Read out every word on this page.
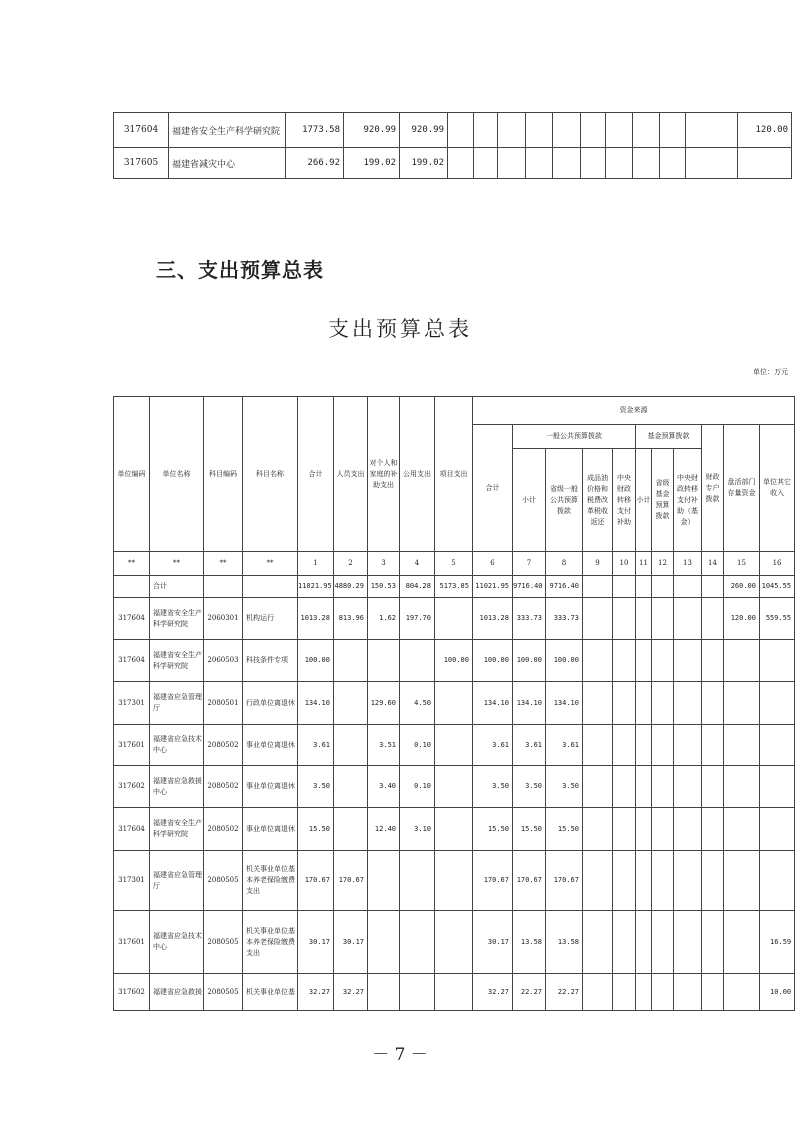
317604	福建省安全生产科学研究院	1773.58	920.99	920.99											120.00	
317605	福建省减灾中心	266.92	199.02	199.02												
三、支出预算总表
支出预算总表
单位：万元
单位编码	单位名称	科目编码	科目名称	合计	人员支出	对个人和家庭的补助支出	公用支出	项目支出	资金来源										
									合计	一般公共预算拨款				基金预算拨款			财政专户拨款	盘活部门存量资金	单位其它收入
										小计	省级一般公共预算拨款	成品油价格和税费改革税收返还	中央财政转移支付补助	小计	省级基金预算拨款	中央财政转移支付补助（基金）			

**	**	**	**	1	2	3	4	5	6	7	8	9	10	11	12	13	14	15	16
	合计			11021.95	4880.29	150.53	804.28	5173.85	11021.95	9716.40	9716.40							260.00	1045.55
317604	福建省安全生产科学研究院	2060301	机构运行	1013.28	813.96	1.62	197.70		1013.28	333.73	333.73							120.00	559.55
317604	福建省安全生产科学研究院	2060503	科技条件专项	100.00				100.00	100.00	100.00	100.00								
317301	福建省应急管理厅	2080501	行政单位离退休	134.10		129.60	4.50		134.10	134.10	134.10								
317601	福建省应急技术中心	2080502	事业单位离退休	3.61		3.51	0.10		3.61	3.61	3.61								
317602	福建省应急救援中心	2080502	事业单位离退休	3.50		3.40	0.10		3.50	3.50	3.50								
317604	福建省安全生产科学研究院	2080502	事业单位离退休	15.50		12.40	3.10		15.50	15.50	15.50								
317301	福建省应急管理厅	2080505	机关事业单位基本养老保险缴费支出	170.67	170.67				170.67	170.67	170.67								
317601	福建省应急技术中心	2080505	机关事业单位基本养老保险缴费支出	30.17	30.17				30.17	13.58	13.58								16.59
317602	福建省应急救援	2080505	机关事业单位基	32.27	32.27				32.27	22.27	22.27								10.00
－ 7 －
